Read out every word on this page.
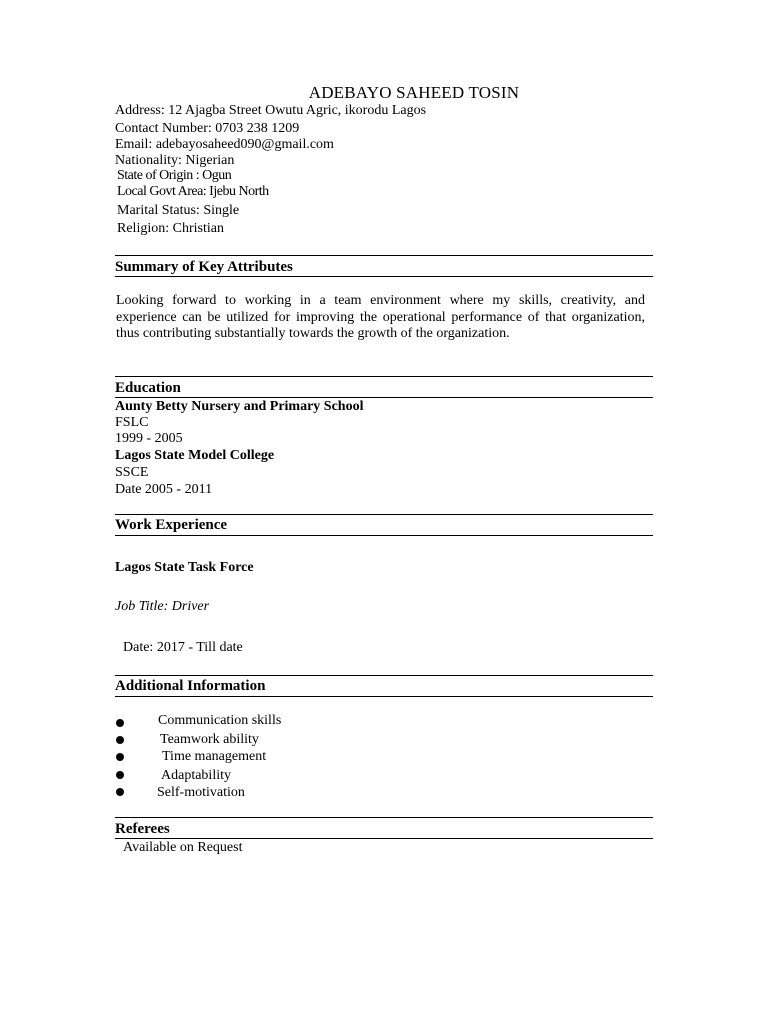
ADEBAYO SAHEED TOSIN
Address: 12 Ajagba Street Owutu Agric, ikorodu Lagos
Contact Number: 0703 238 1209
Email: adebayosaheed090@gmail.com
Nationality: Nigerian
State of Origin : Ogun
Local Govt Area: Ijebu North
Marital Status: Single
Religion: Christian
Summary of Key Attributes
Looking forward to working in a team environment where my skills, creativity, and experience can be utilized for improving the operational performance of that organization, thus contributing substantially towards the growth of the organization.
Education
Aunty Betty Nursery and Primary School
FSLC
1999 - 2005
Lagos State Model College
SSCE
Date 2005 - 2011
Work Experience
Lagos State Task Force
Job Title: Driver
Date: 2017 - Till date
Additional Information
Communication skills
Teamwork ability
Time management
Adaptability
Self-motivation
Referees
Available on Request
